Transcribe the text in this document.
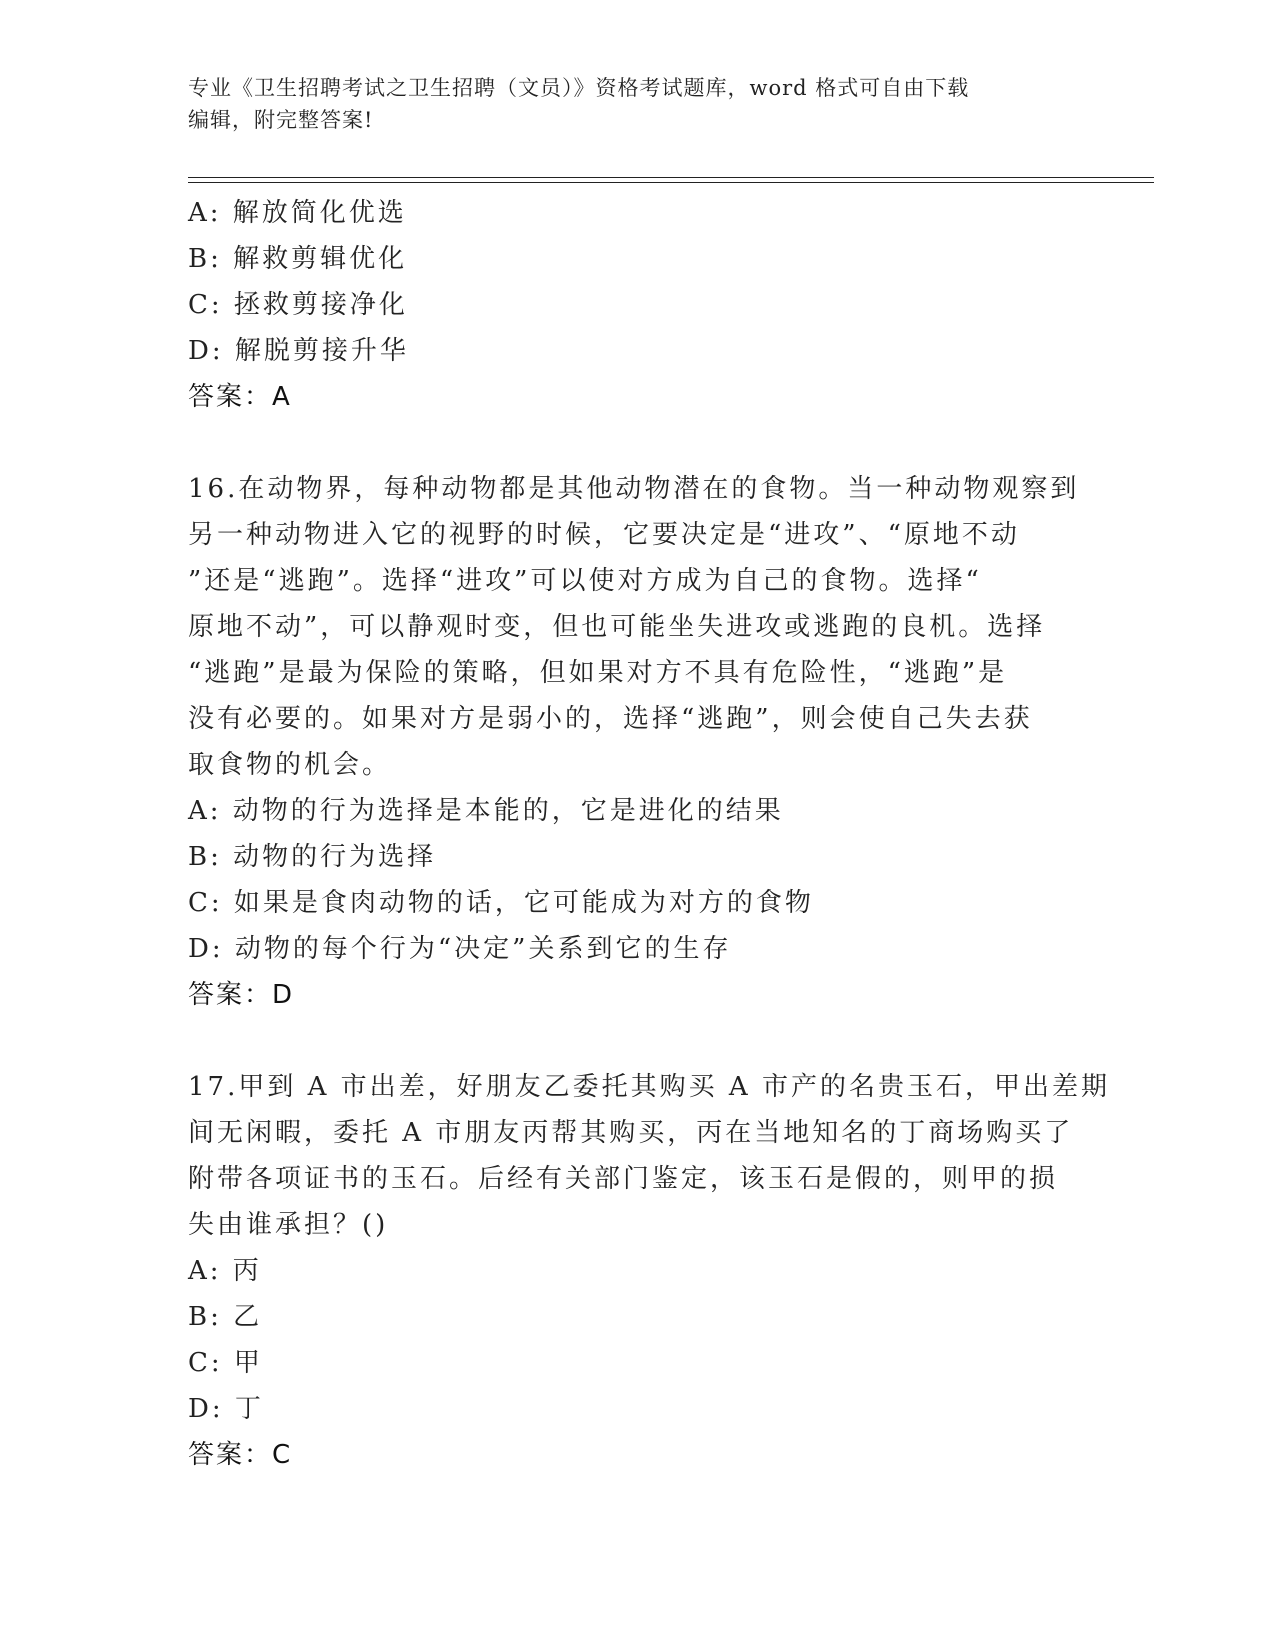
专业《卫生招聘考试之卫生招聘（文员）》资格考试题库，word 格式可自由下载
编辑，附完整答案!
A: 解放简化优选
B: 解救剪辑优化
C: 拯救剪接净化
D: 解脱剪接升华
答案：A
16.在动物界，每种动物都是其他动物潜在的食物。当一种动物观察到
另一种动物进入它的视野的时候，它要决定是“进攻”、“原地不动
”还是“逃跑”。选择“进攻”可以使对方成为自己的食物。选择“
原地不动”，可以静观时变，但也可能坐失进攻或逃跑的良机。选择
“逃跑”是最为保险的策略，但如果对方不具有危险性，“逃跑”是
没有必要的。如果对方是弱小的，选择“逃跑”，则会使自己失去获
取食物的机会。
A: 动物的行为选择是本能的，它是进化的结果
B: 动物的行为选择
C: 如果是食肉动物的话，它可能成为对方的食物
D: 动物的每个行为“决定”关系到它的生存
答案：D
17.甲到 A 市出差，好朋友乙委托其购买 A 市产的名贵玉石，甲出差期
间无闲暇，委托 A 市朋友丙帮其购买，丙在当地知名的丁商场购买了
附带各项证书的玉石。后经有关部门鉴定，该玉石是假的，则甲的损
失由谁承担？()
A: 丙
B: 乙
C: 甲
D: 丁
答案：C
